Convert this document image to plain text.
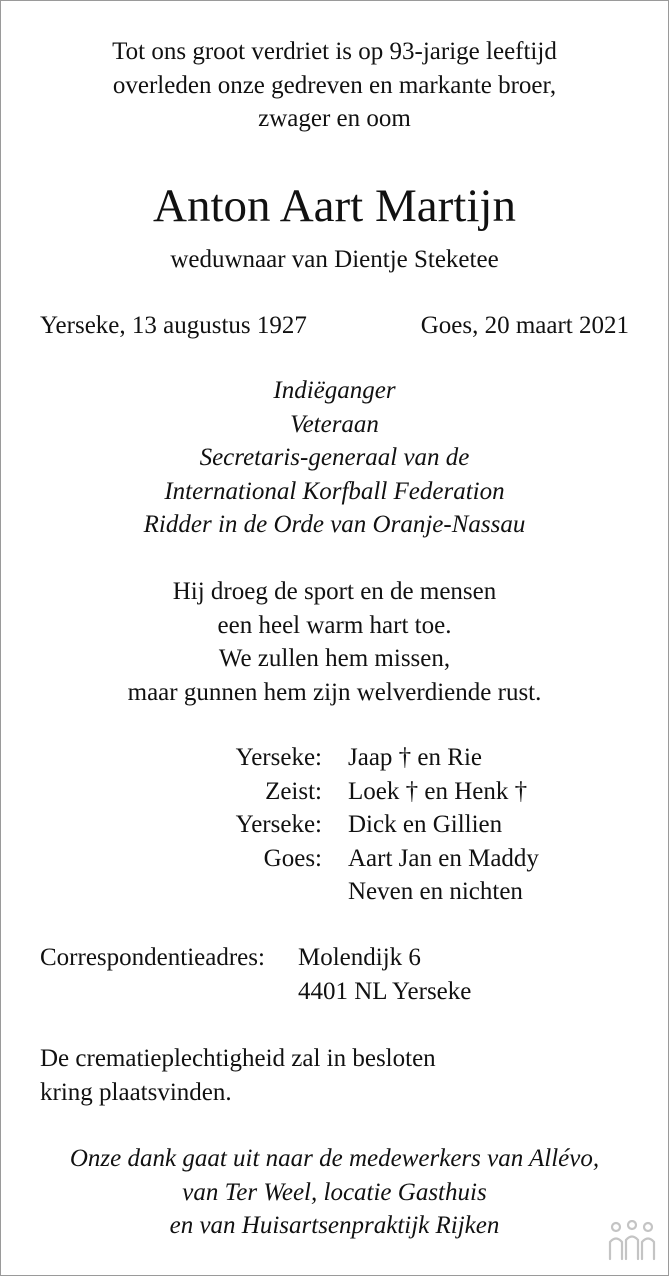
Tot ons groot verdriet is op 93-jarige leeftijd
overleden onze gedreven en markante broer,
zwager en oom
Anton Aart Martijn
weduwnaar van Dientje Steketee
Yerseke, 13 augustus 1927	Goes, 20 maart 2021
Indiëganger
Veteraan
Secretaris-generaal van de
International Korfball Federation
Ridder in de Orde van Oranje-Nassau
Hij droeg de sport en de mensen
een heel warm hart toe.
We zullen hem missen,
maar gunnen hem zijn welverdiende rust.
Yerseke: Jaap † en Rie
Zeist: Loek † en Henk †
Yerseke: Dick en Gillien
Goes: Aart Jan en Maddy
Neven en nichten
Correspondentieadres: Molendijk 6
4401 NL Yerseke
De crematieplechtigheid zal in besloten
kring plaatsvinden.
Onze dank gaat uit naar de medewerkers van Allévo,
van Ter Weel, locatie Gasthuis
en van Huisartsenpraktijk Rijken
